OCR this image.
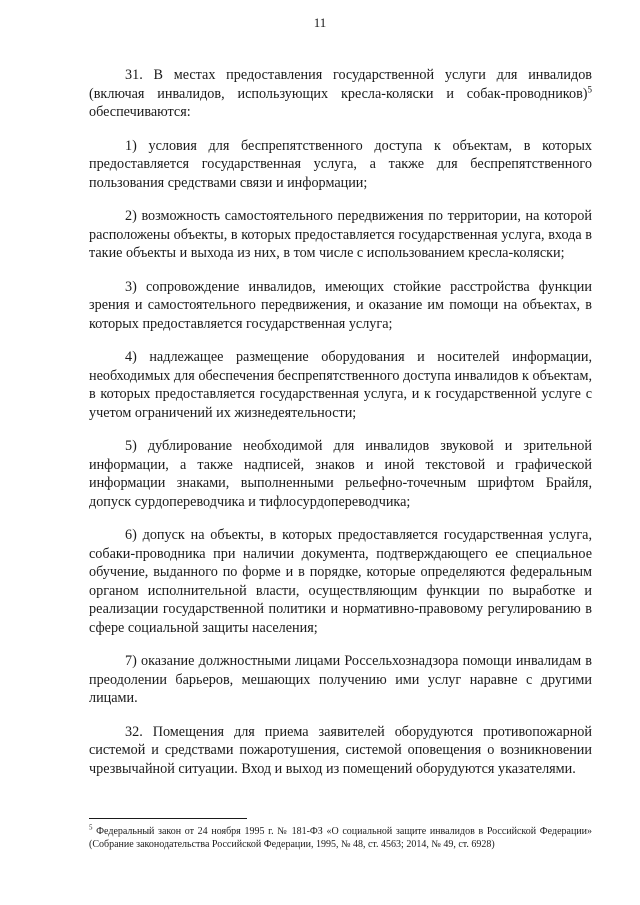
11

31. В местах предоставления государственной услуги для инвалидов (включая инвалидов, использующих кресла-коляски и собак-проводников)$^5$ обеспечиваются:

1) условия для беспрепятственного доступа к объектам, в которых предоставляется государственная услуга, а также для беспрепятственного пользования средствами связи и информации;

2) возможность самостоятельного передвижения по территории, на которой расположены объекты, в которых предоставляется государственная услуга, входа в такие объекты и выхода из них, в том числе с использованием кресла-коляски;

3) сопровождение инвалидов, имеющих стойкие расстройства функции зрения и самостоятельного передвижения, и оказание им помощи на объектах, в которых предоставляется государственная услуга;

4) надлежащее размещение оборудования и носителей информации, необходимых для обеспечения беспрепятственного доступа инвалидов к объектам, в которых предоставляется государственная услуга, и к государственной услуге с учетом ограничений их жизнедеятельности;

5) дублирование необходимой для инвалидов звуковой и зрительной информации, а также надписей, знаков и иной текстовой и графической информации знаками, выполненными рельефно-точечным шрифтом Брайля, допуск сурдопереводчика и тифлосурдопереводчика;

6) допуск на объекты, в которых предоставляется государственная услуга, собаки-проводника при наличии документа, подтверждающего ее специальное обучение, выданного по форме и в порядке, которые определяются федеральным органом исполнительной власти, осуществляющим функции по выработке и реализации государственной политики и нормативно-правовому регулированию в сфере социальной защиты населения;

7) оказание должностными лицами Россельхознадзора помощи инвалидам в преодолении барьеров, мешающих получению ими услуг наравне с другими лицами.

32. Помещения для приема заявителей оборудуются противопожарной системой и средствами пожаротушения, системой оповещения о возникновении чрезвычайной ситуации. Вход и выход из помещений оборудуются указателями.

$^5$ Федеральный закон от 24 ноября 1995 г. № 181-ФЗ «О социальной защите инвалидов в Российской Федерации» (Собрание законодательства Российской Федерации, 1995, № 48, ст. 4563; 2014, № 49, ст. 6928)
